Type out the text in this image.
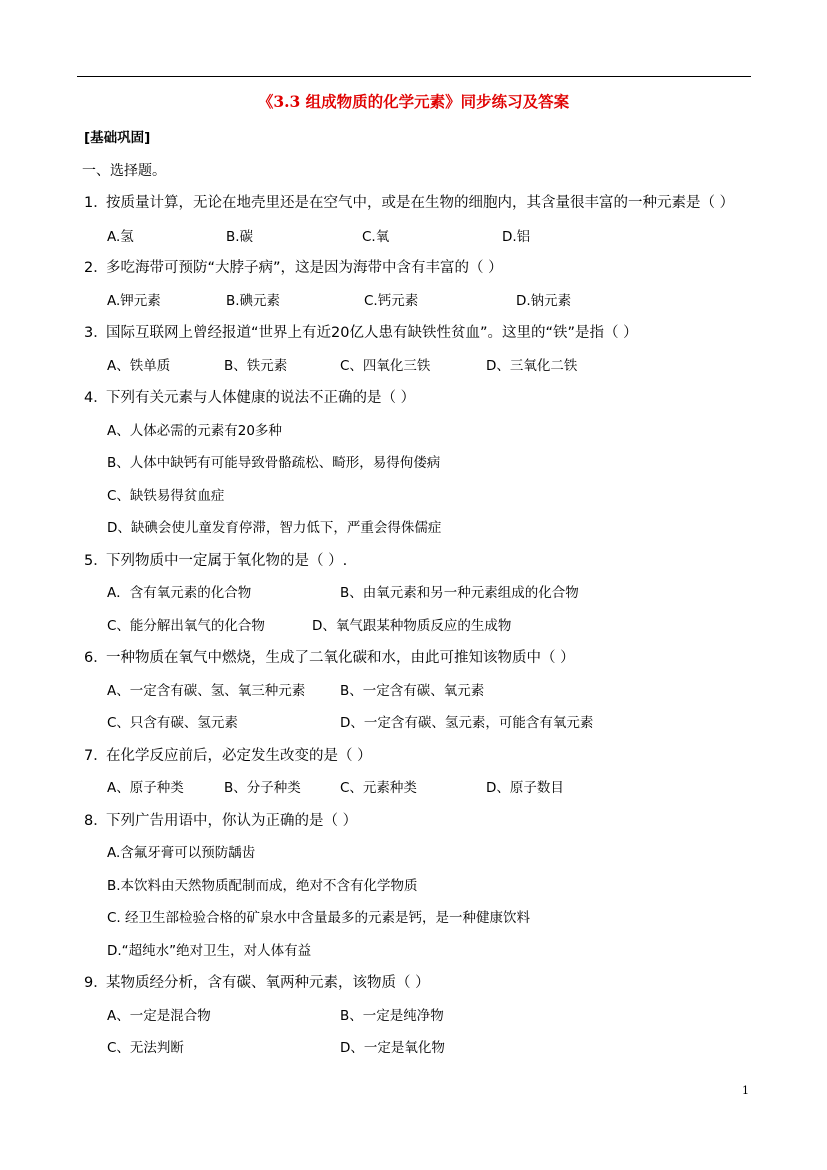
《3.3 组成物质的化学元素》同步练习及答案
[基础巩固]
一、选择题。
1．按质量计算，无论在地壳里还是在空气中，或是在生物的细胞内，其含量很丰富的一种元素是（ ）
A.氢	B.碳	C.氧	D.铝
2．多吃海带可预防“大脖子病”，这是因为海带中含有丰富的（ ）
A.钾元素	B.碘元素	C.钙元素	D.钠元素
3．国际互联网上曾经报道“世界上有近20亿人患有缺铁性贫血”。这里的“铁”是指（ ）
A、铁单质	B、铁元素	C、四氧化三铁	D、三氧化二铁
4．下列有关元素与人体健康的说法不正确的是（ ）
A、人体必需的元素有20多种
B、人体中缺钙有可能导致骨骼疏松、畸形，易得佝偻病
C、缺铁易得贫血症
D、缺碘会使儿童发育停滞，智力低下，严重会得侏儒症
5．下列物质中一定属于氧化物的是（ ）.
A．含有氧元素的化合物	B、由氧元素和另一种元素组成的化合物
C、能分解出氧气的化合物	D、氧气跟某种物质反应的生成物
6．一种物质在氧气中燃烧，生成了二氧化碳和水，由此可推知该物质中（ ）
A、一定含有碳、氢、氧三种元素	B、一定含有碳、氧元素
C、只含有碳、氢元素	D、一定含有碳、氢元素，可能含有氧元素
7．在化学反应前后，必定发生改变的是（ ）
A、原子种类	B、分子种类	C、元素种类	D、原子数目
8．下列广告用语中，你认为正确的是（ ）
A.含氟牙膏可以预防龋齿
B.本饮料由天然物质配制而成，绝对不含有化学物质
C. 经卫生部检验合格的矿泉水中含量最多的元素是钙，是一种健康饮料
D.“超纯水”绝对卫生，对人体有益
9．某物质经分析，含有碳、氧两种元素，该物质（ ）
A、一定是混合物	B、一定是纯净物
C、无法判断	D、一定是氧化物
1
